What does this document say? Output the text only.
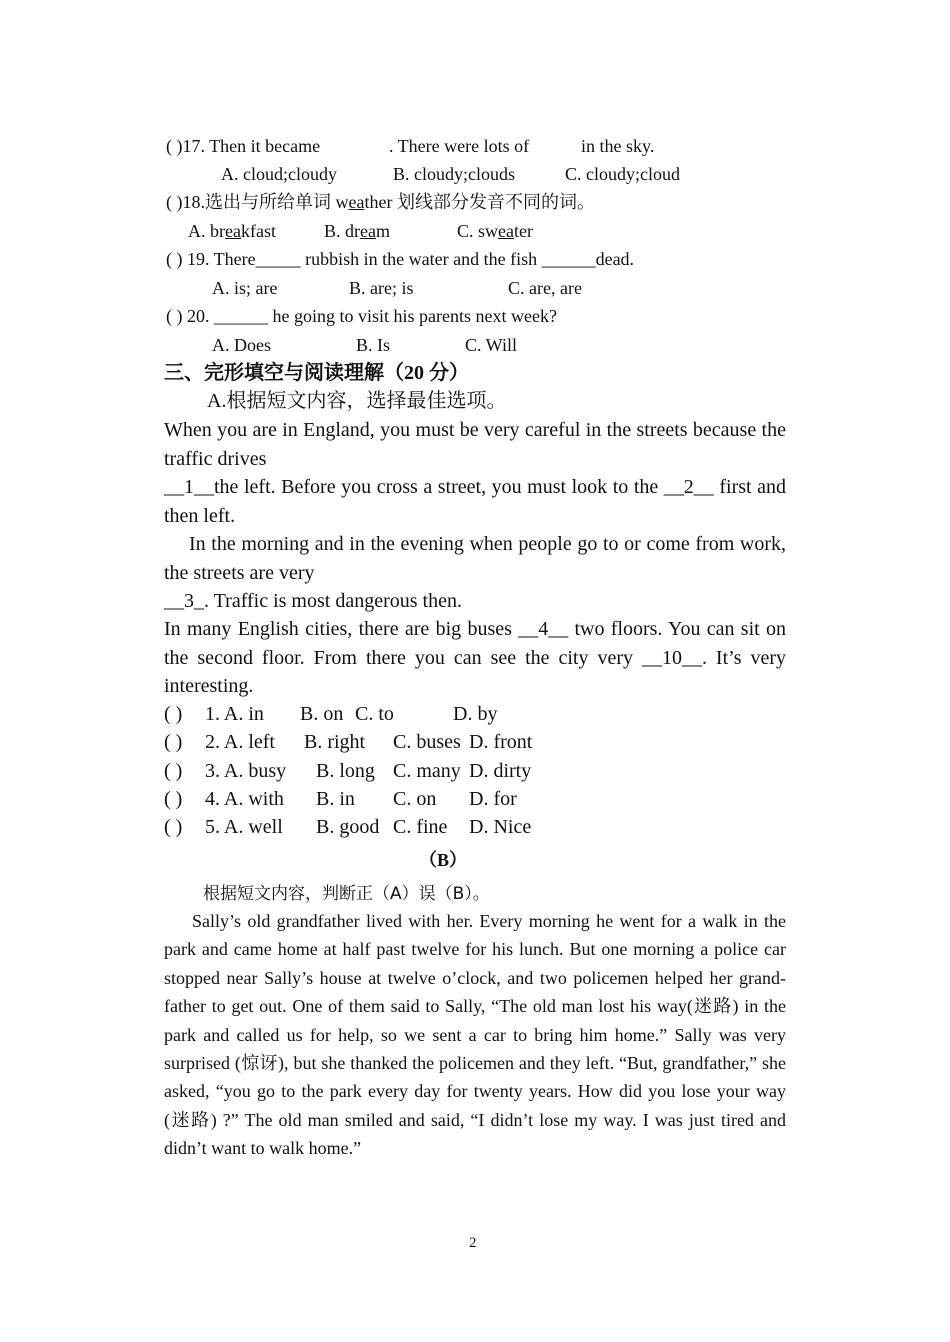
( )17. Then it became	. There were lots of	in the sky.
A. cloud;cloudy	B. cloudy;clouds	C. cloudy;cloud
( )18.选出与所给单词 weather 划线部分发音不同的词。
A. breakfast	B. dream	C. sweater
( ) 19. There_____ rubbish in the water and the fish ______dead.
A. is; are	B. are; is	C. are, are
( ) 20. ______ he going to visit his parents next week?
A. Does	B. Is	C. Will
三、完形填空与阅读理解（20 分）
A.根据短文内容，选择最佳选项。
When you are in England, you must be very careful in the streets because the traffic drives
__1__the left. Before you cross a street, you must look to the __2__ first and then left.
In the morning and in the evening when people go to or come from work, the streets are very
__3_. Traffic is most dangerous then.
In many English cities, there are big buses __4__ two floors. You can sit on the second floor. From there you can see the city very __10__. It’s very interesting.
( ) 1. A. in B. on C. to	D. by
( ) 2. A. left B. right C. buses D. front
( ) 3. A. busy B. long C. many D. dirty
( ) 4. A. with B. in C. on D. for
( ) 5. A. well B. good C. fine D. Nice
（B）
根据短文内容，判断正（A）误（B）。
Sally’s old grandfather lived with her. Every morning he went for a walk in the park and came home at half past twelve for his lunch. But one morning a police car stopped near Sally’s house at twelve o’clock, and two policemen helped her grand- father to get out. One of them said to Sally, “The old man lost his way(迷路) in the park and called us for help, so we sent a car to bring him home.” Sally was very surprised (惊讶), but she thanked the policemen and they left. “But, grandfather,” she asked, “you go to the park every day for twenty years. How did you lose your way (迷路) ?” The old man smiled and said, “I didn’t lose my way. I was just tired and didn’t want to walk home.”
2
